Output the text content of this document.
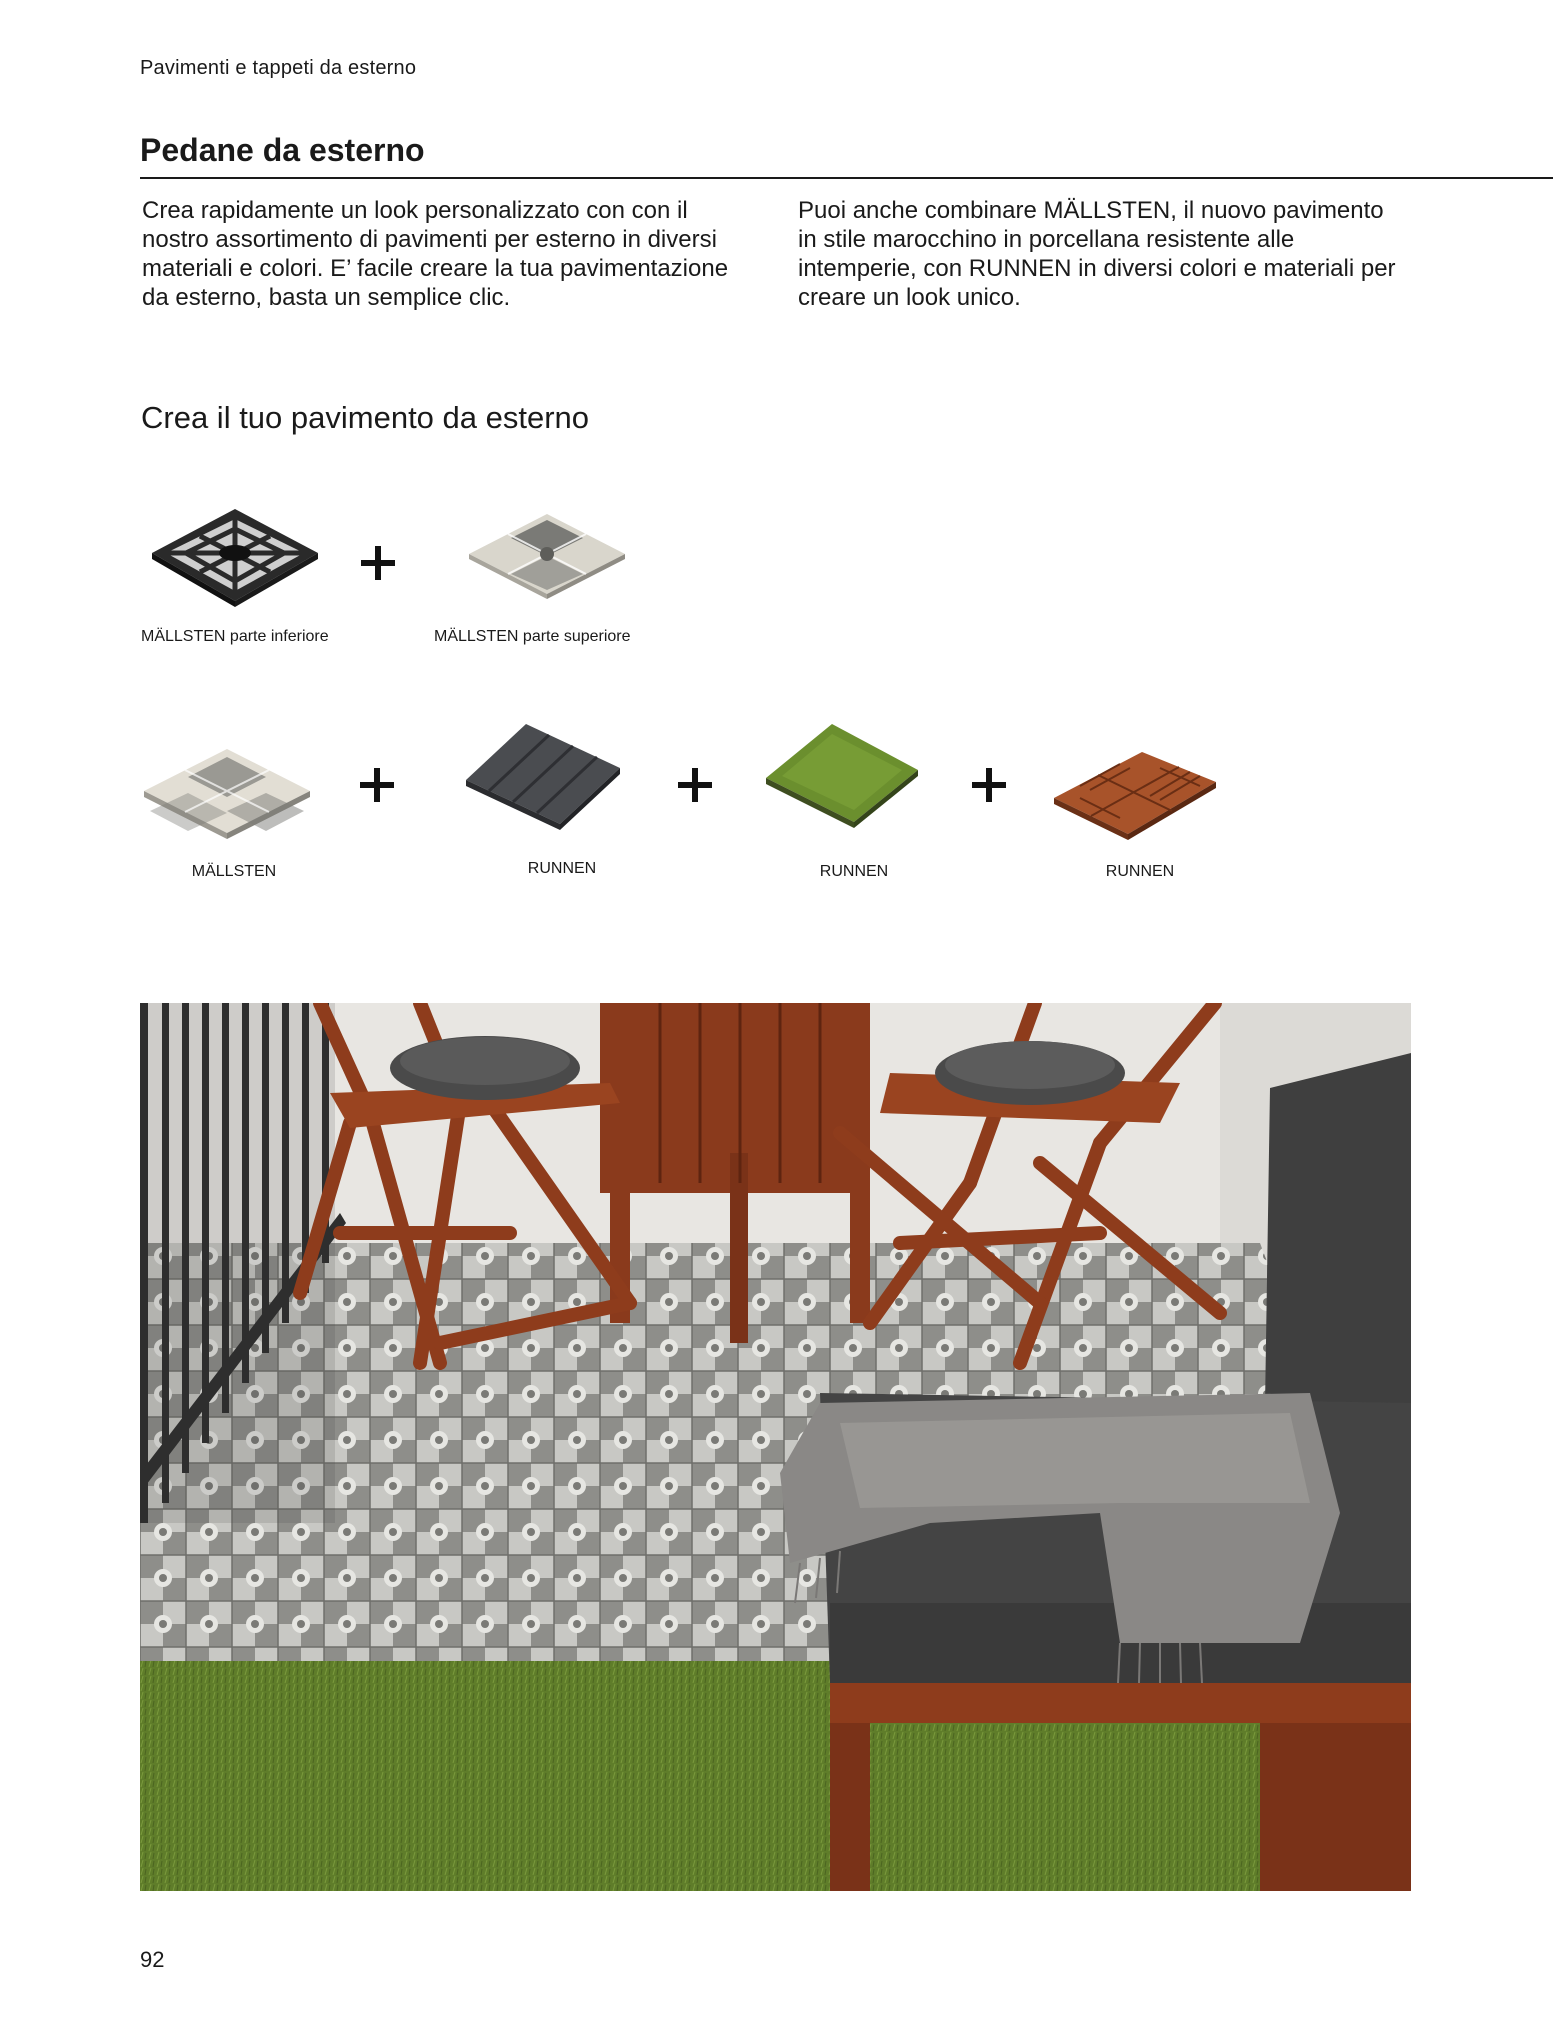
Pavimenti e tappeti da esterno
Pedane da esterno
Crea rapidamente un look personalizzato con con il nostro assortimento di pavimenti per esterno in diversi materiali e colori. E’ facile creare la tua pavimentazione da esterno, basta un semplice clic.
Puoi anche combinare MÄLLSTEN, il nuovo pavimento in stile marocchino in porcellana resistente alle intemperie, con RUNNEN in diversi colori e materiali per creare un look unico.
Crea il tuo pavimento da esterno
MÄLLSTEN parte inferiore	MÄLLSTEN parte superiore
MÄLLSTEN	RUNNEN	RUNNEN	RUNNEN
92
